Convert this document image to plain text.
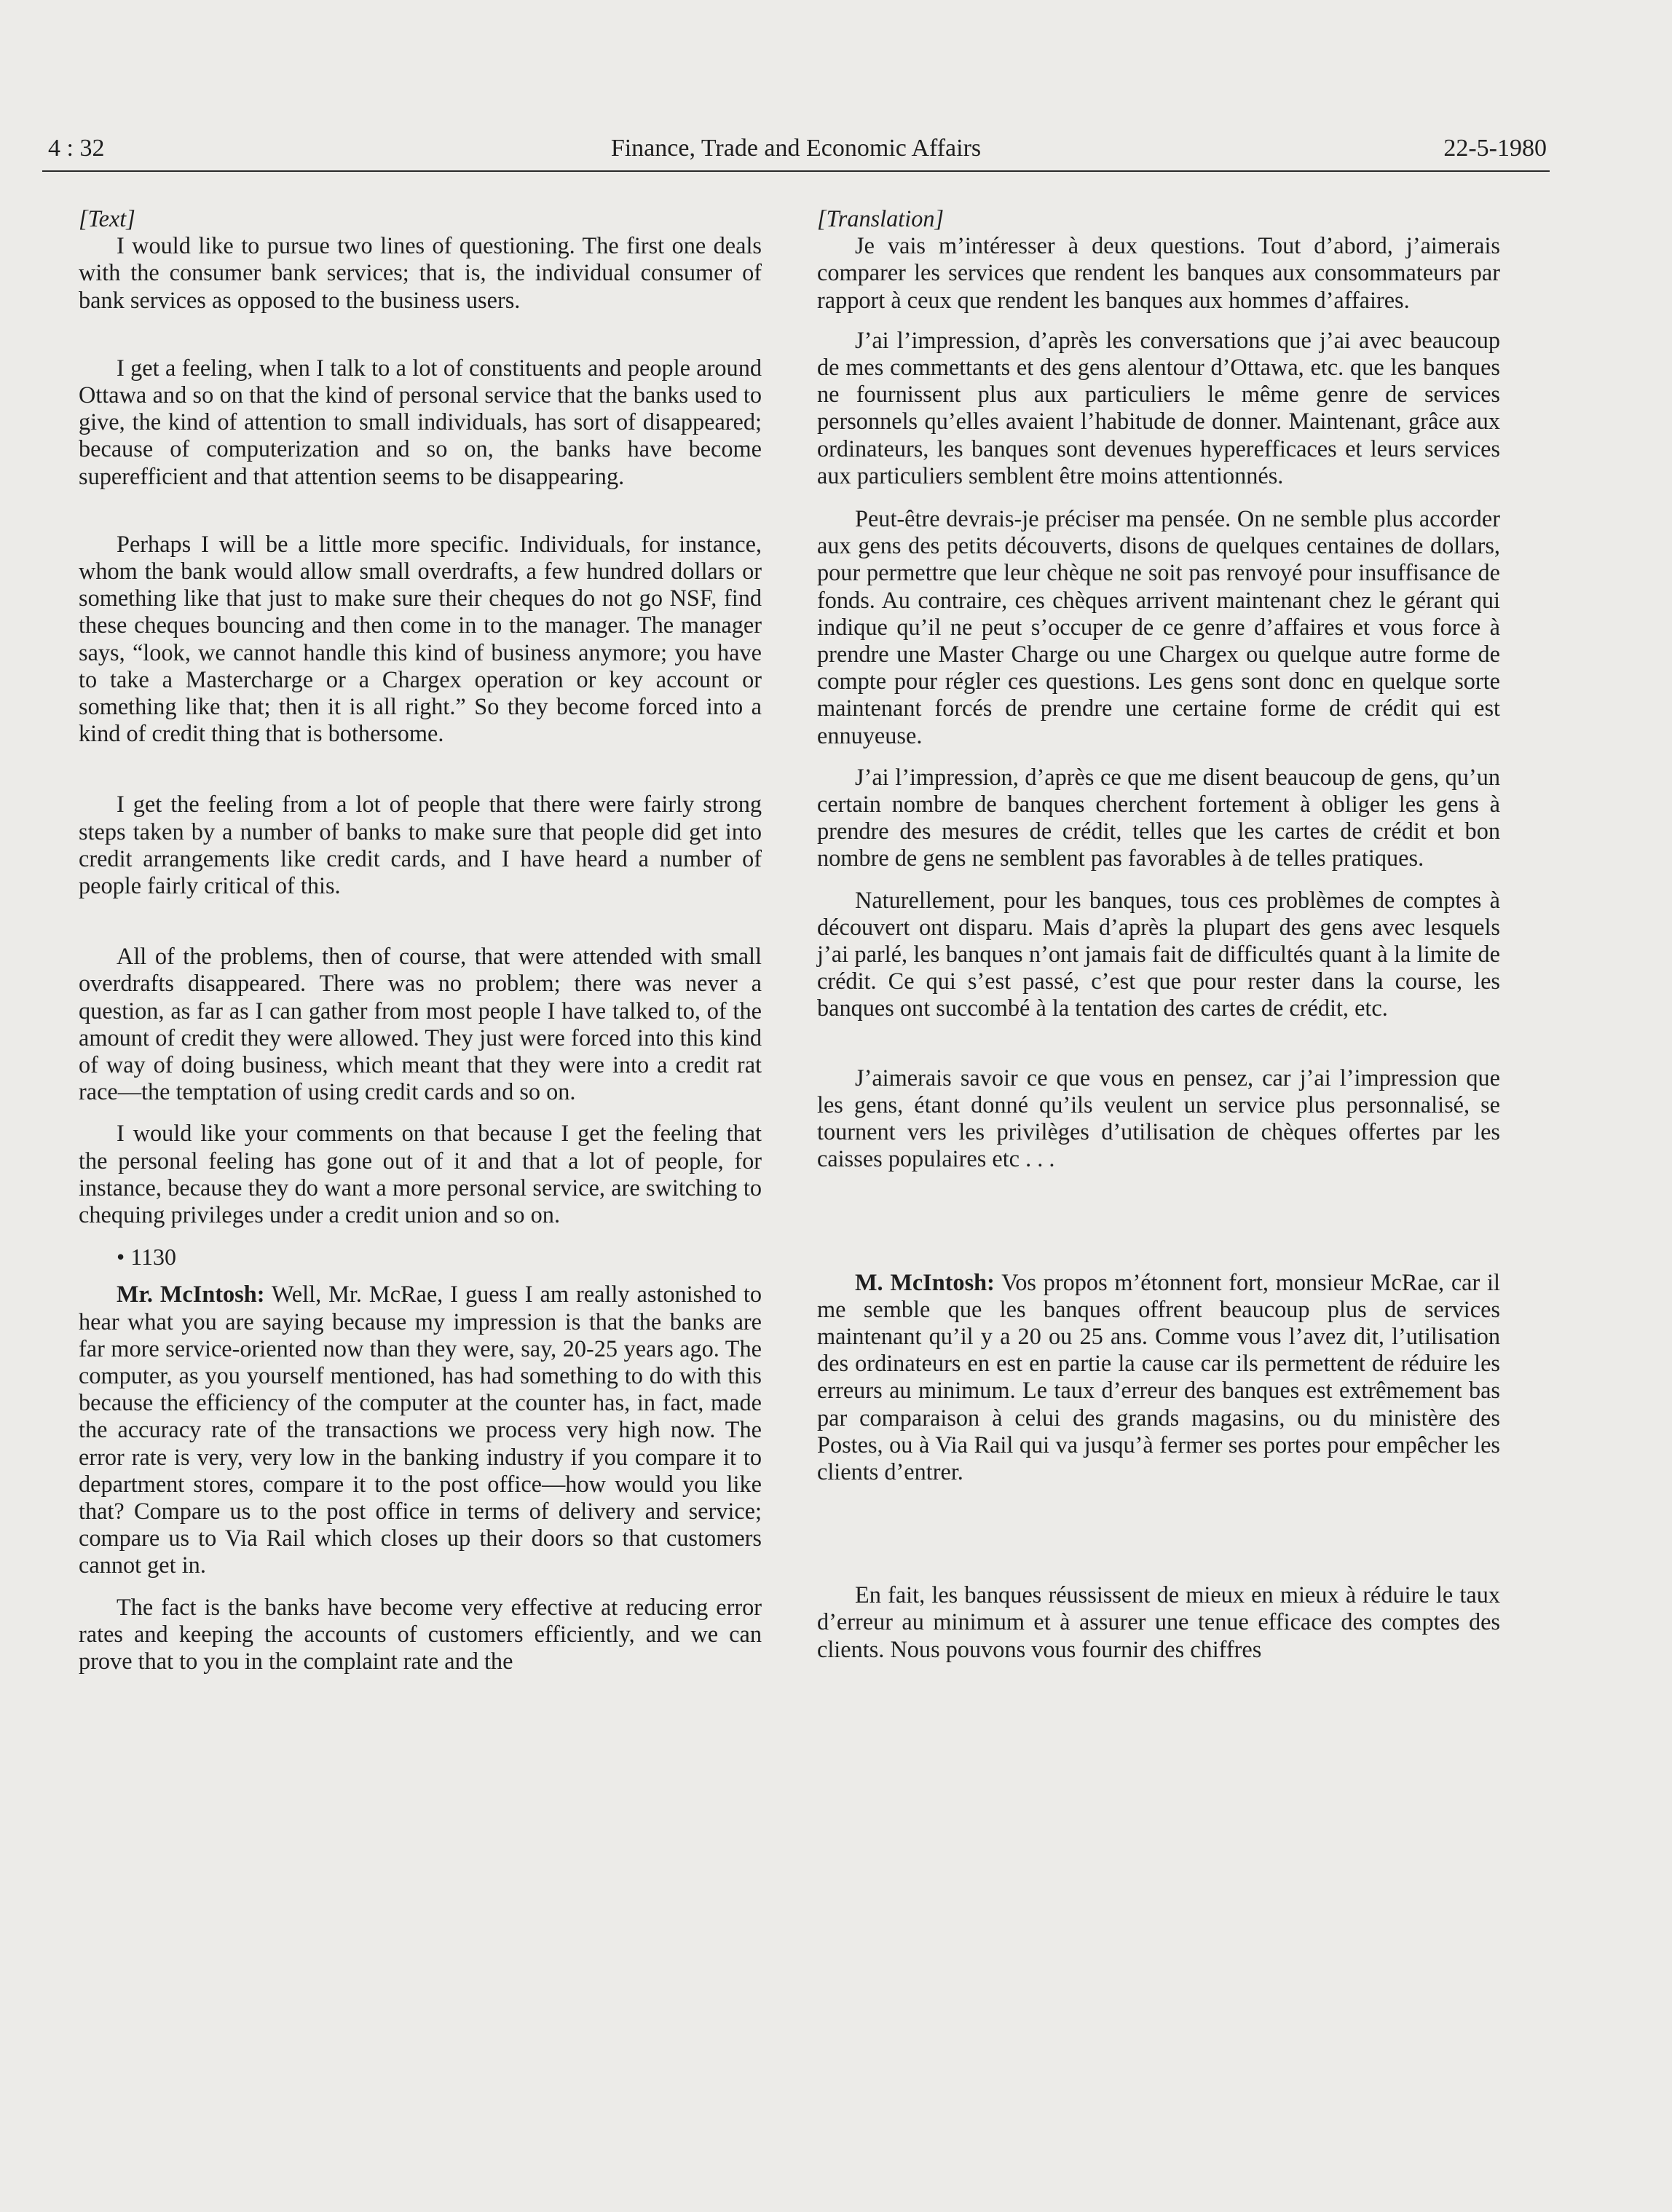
4 : 32	Finance, Trade and Economic Affairs	22-5-1980

[Text]

I would like to pursue two lines of questioning. The first one deals with the consumer bank services; that is, the individual consumer of bank services as opposed to the business users.

I get a feeling, when I talk to a lot of constituents and people around Ottawa and so on that the kind of personal service that the banks used to give, the kind of attention to small individuals, has sort of disappeared; because of computerization and so on, the banks have become superefficient and that attention seems to be disappearing.

Perhaps I will be a little more specific. Individuals, for instance, whom the bank would allow small overdrafts, a few hundred dollars or something like that just to make sure their cheques do not go NSF, find these cheques bouncing and then come in to the manager. The manager says, “look, we cannot handle this kind of business anymore; you have to take a Mastercharge or a Chargex operation or key account or something like that; then it is all right.” So they become forced into a kind of credit thing that is bothersome.

I get the feeling from a lot of people that there were fairly strong steps taken by a number of banks to make sure that people did get into credit arrangements like credit cards, and I have heard a number of people fairly critical of this.

All of the problems, then of course, that were attended with small overdrafts disappeared. There was no problem; there was never a question, as far as I can gather from most people I have talked to, of the amount of credit they were allowed. They just were forced into this kind of way of doing business, which meant that they were into a credit rat race—the temptation of using credit cards and so on.

I would like your comments on that because I get the feeling that the personal feeling has gone out of it and that a lot of people, for instance, because they do want a more personal service, are switching to chequing privileges under a credit union and so on.

• 1130

Mr. McIntosh: Well, Mr. McRae, I guess I am really astonished to hear what you are saying because my impression is that the banks are far more service-oriented now than they were, say, 20-25 years ago. The computer, as you yourself mentioned, has had something to do with this because the efficiency of the computer at the counter has, in fact, made the accuracy rate of the transactions we process very high now. The error rate is very, very low in the banking industry if you compare it to department stores, compare it to the post office—how would you like that? Compare us to the post office in terms of delivery and service; compare us to Via Rail which closes up their doors so that customers cannot get in.

The fact is the banks have become very effective at reducing error rates and keeping the accounts of customers efficiently, and we can prove that to you in the complaint rate and the

[Translation]

Je vais m’intéresser à deux questions. Tout d’abord, j’aimerais comparer les services que rendent les banques aux consommateurs par rapport à ceux que rendent les banques aux hommes d’affaires.

J’ai l’impression, d’après les conversations que j’ai avec beaucoup de mes commettants et des gens alentour d’Ottawa, etc. que les banques ne fournissent plus aux particuliers le même genre de services personnels qu’elles avaient l’habitude de donner. Maintenant, grâce aux ordinateurs, les banques sont devenues hyperefficaces et leurs services aux particuliers semblent être moins attentionnés.

Peut-être devrais-je préciser ma pensée. On ne semble plus accorder aux gens des petits découverts, disons de quelques centaines de dollars, pour permettre que leur chèque ne soit pas renvoyé pour insuffisance de fonds. Au contraire, ces chèques arrivent maintenant chez le gérant qui indique qu’il ne peut s’occuper de ce genre d’affaires et vous force à prendre une Master Charge ou une Chargex ou quelque autre forme de compte pour régler ces questions. Les gens sont donc en quelque sorte maintenant forcés de prendre une certaine forme de crédit qui est ennuyeuse.

J’ai l’impression, d’après ce que me disent beaucoup de gens, qu’un certain nombre de banques cherchent fortement à obliger les gens à prendre des mesures de crédit, telles que les cartes de crédit et bon nombre de gens ne semblent pas favorables à de telles pratiques.

Naturellement, pour les banques, tous ces problèmes de comptes à découvert ont disparu. Mais d’après la plupart des gens avec lesquels j’ai parlé, les banques n’ont jamais fait de difficultés quant à la limite de crédit. Ce qui s’est passé, c’est que pour rester dans la course, les banques ont succombé à la tentation des cartes de crédit, etc.

J’aimerais savoir ce que vous en pensez, car j’ai l’impression que les gens, étant donné qu’ils veulent un service plus personnalisé, se tournent vers les privilèges d’utilisation de chèques offertes par les caisses populaires etc . . .

M. McIntosh: Vos propos m’étonnent fort, monsieur McRae, car il me semble que les banques offrent beaucoup plus de services maintenant qu’il y a 20 ou 25 ans. Comme vous l’avez dit, l’utilisation des ordinateurs en est en partie la cause car ils permettent de réduire les erreurs au minimum. Le taux d’erreur des banques est extrêmement bas par comparaison à celui des grands magasins, ou du ministère des Postes, ou à Via Rail qui va jusqu’à fermer ses portes pour empêcher les clients d’entrer.

En fait, les banques réussissent de mieux en mieux à réduire le taux d’erreur au minimum et à assurer une tenue efficace des comptes des clients. Nous pouvons vous fournir des chiffres
